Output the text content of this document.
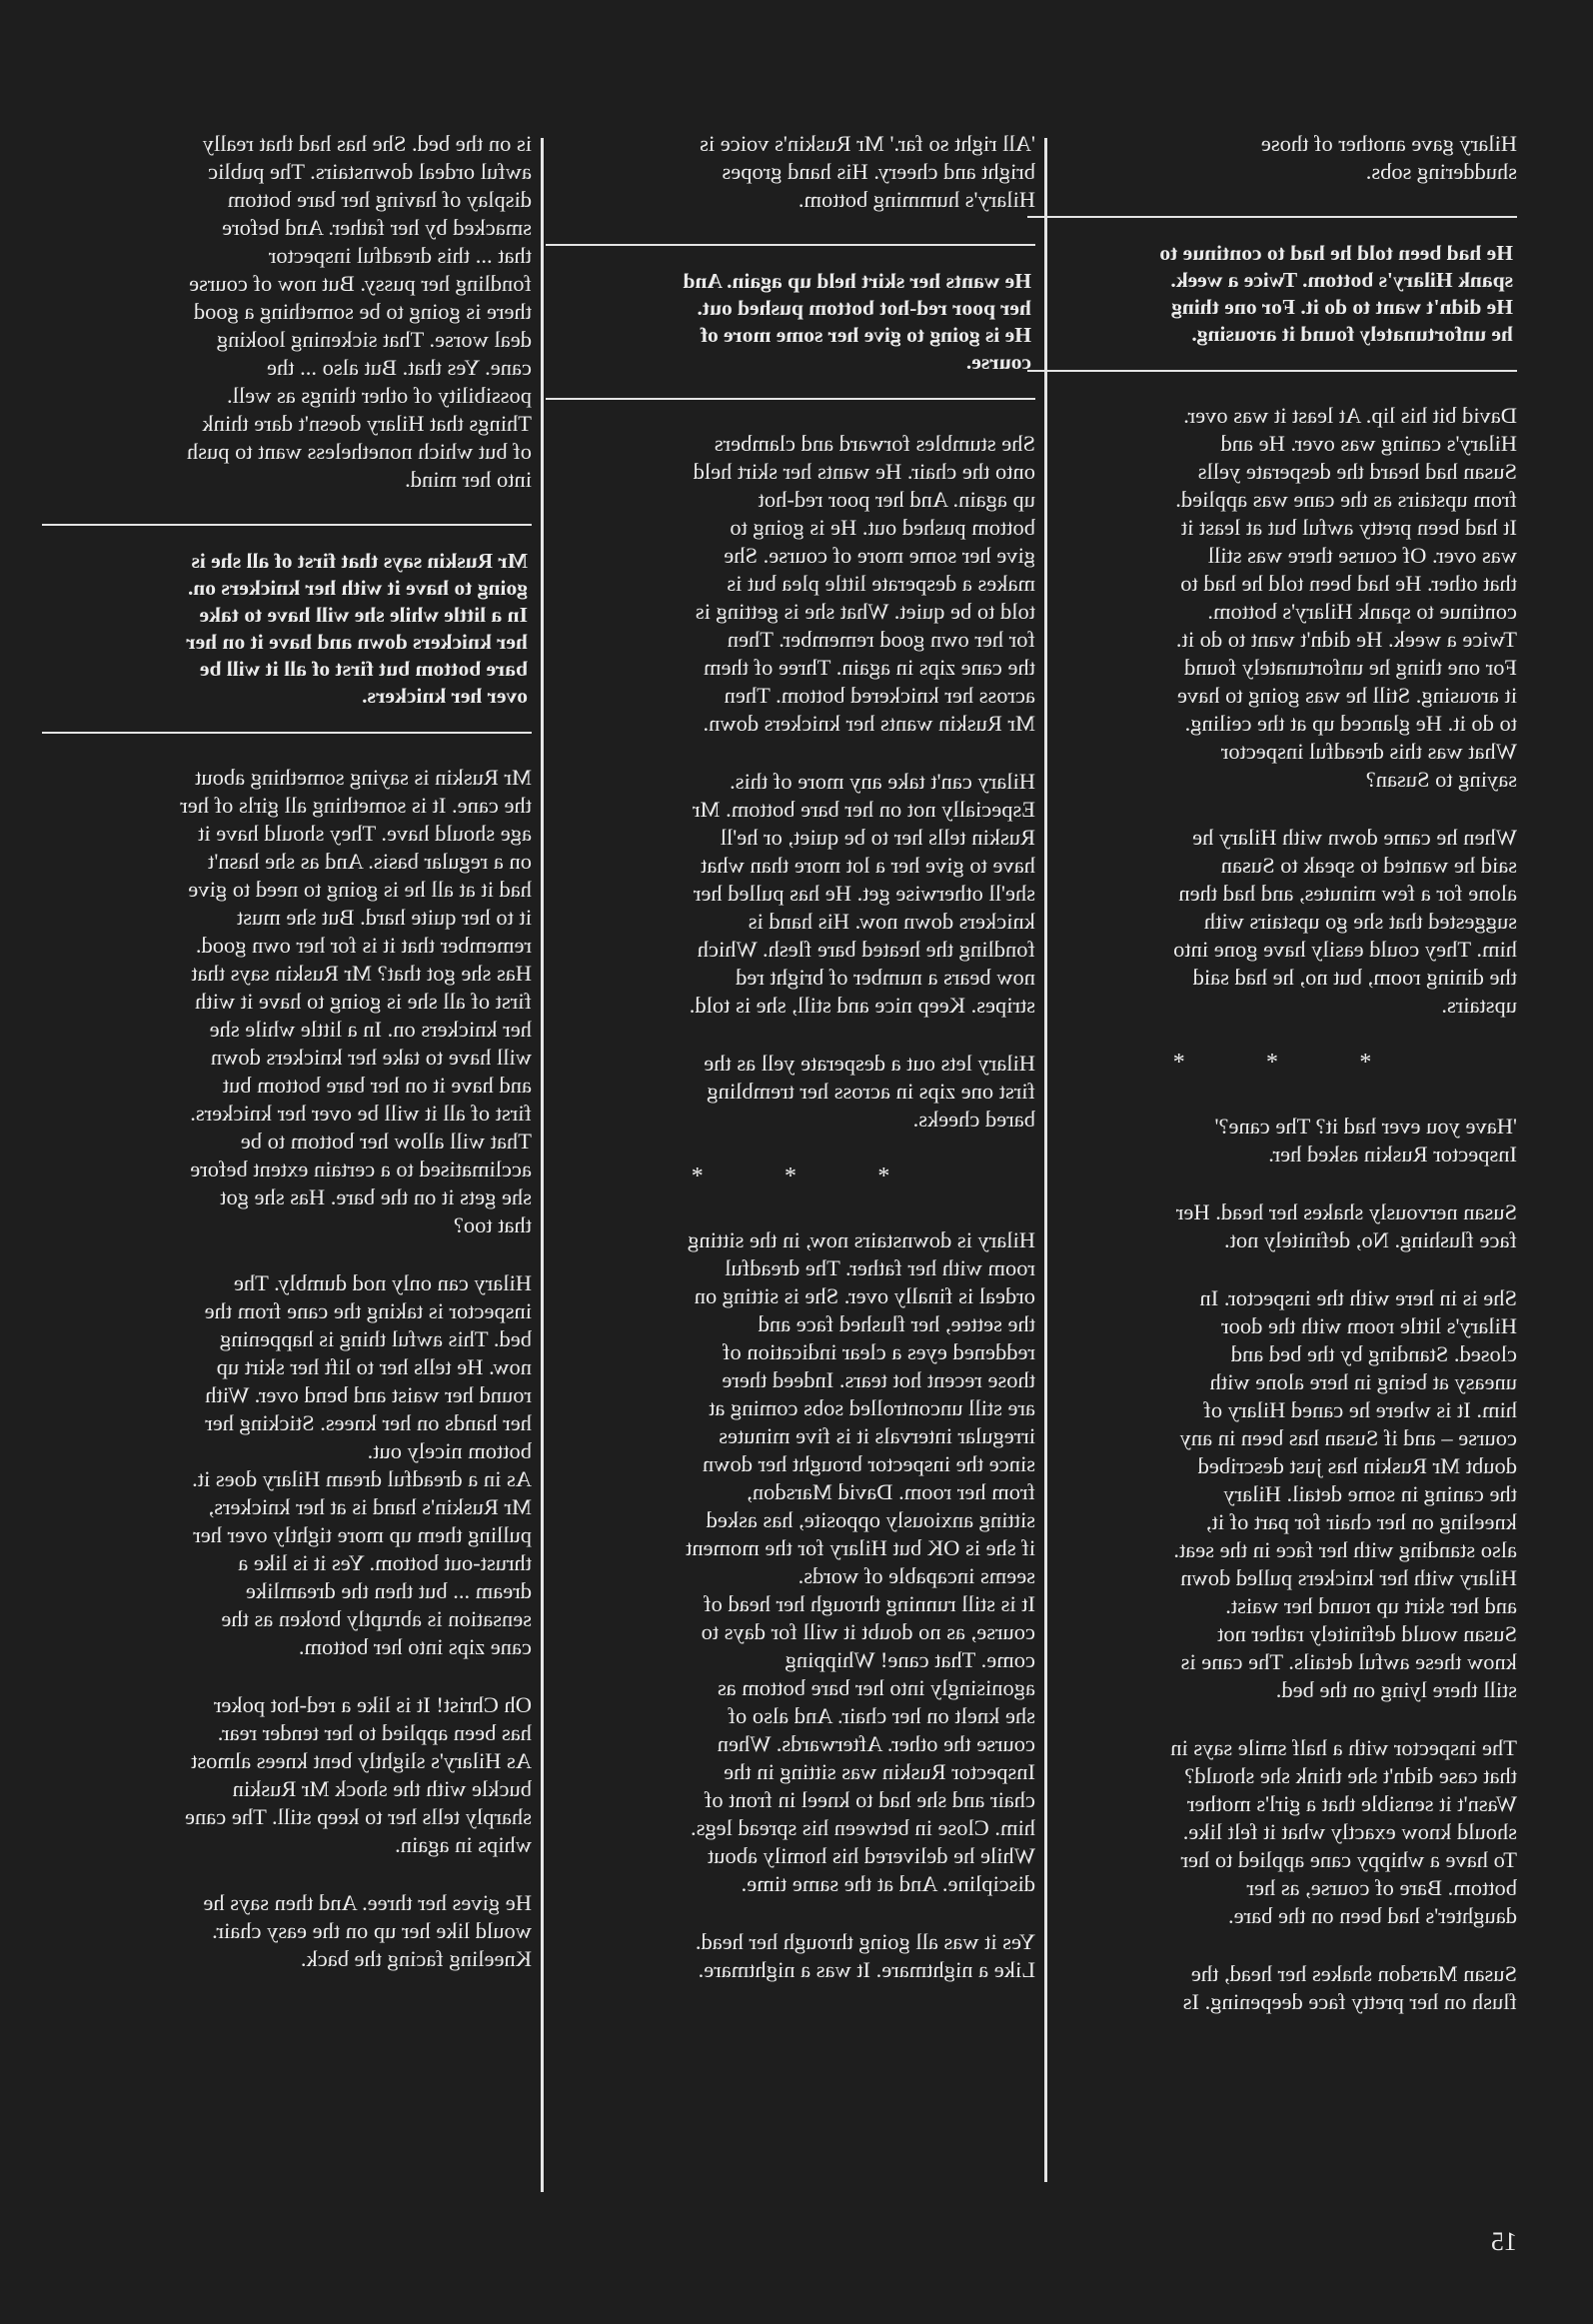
Hilary gave another of those
shuddering sobs.

He had been told he had to continue to
spank Hilary's bottom. Twice a week.
He didn't want to do it. For one thing
he unfortunately found it arousing.

David bit his lip. At least it was over.
Hilary's caning was over. He and
Susan had heard the desperate yells
from upstairs as the cane was applied.
It had been pretty awful but at least it
was over. Of course there was still
that other. He had been told he had to
continue to spank Hilary's bottom.
Twice a week. He didn't want to do it.
For one thing he unfortunately found
it arousing. Still he was going to have
to do it. He glanced up at the ceiling.
What was this dreadful inspector
saying to Susan?

When he came down with Hilary he
said he wanted to speak to Susan
alone for a few minutes, and had then
suggested that she go upstairs with
him. They could easily have gone into
the dining room, but no, he had said
upstairs.

*
*
*

'Have you ever had it? The cane?'
Inspector Ruskin asked her.

Susan nervously shakes her head. Her
face flushing. No, definitely not.

She is in here with the inspector. In
Hilary's little room with the door
closed. Standing by the bed and
uneasy at being in here alone with
him. It is where he caned Hilary of
course – and if Susan has been in any
doubt Mr Ruskin has just described
the caning in some detail. Hilary
kneeling on her chair for part of it,
also standing with her face in the seat.
Hilary with her knickers pulled down
and her skirt up round her waist.
Susan would definitely rather not
know these awful details. The cane is
still there lying on the bed.

The inspector with a half smile says in
that case didn't she think she should?
Wasn't it sensible that a girl's mother
should know exactly what it felt like.
To have a whippy cane applied to her
bottom. Bare of course, as her
daughter's had been on the bare.

Susan Marsdon shakes her head, the
flush on her pretty face deepening. Is

'All right so far.' Mr Ruskin's voice is
bright and cheery. His hand gropes
Hilary's humming bottom.

He wants her skirt held up again. And
her poor red-hot bottom pushed out.
He is going to give her some more of
course.

She stumbles forward and clambers
onto the chair. He wants her skirt held
up again. And her poor red-hot
bottom pushed out. He is going to
give her some more of course. She
makes a desperate little plea but is
told to be quiet. What she is getting is
for her own good remember. Then
the cane zips in again. Three of them
across her knickered bottom. Then
Mr Ruskin wants her knickers down.

Hilary can't take any more of this.
Especially not on her bare bottom. Mr
Ruskin tells her to be quiet, or he'll
have to give her a lot more than what
she'll otherwise get. He has pulled her
knickers down now. His hand is
fondling the heated bare flesh. Which
now bears a number of bright red
stripes. Keep nice and still, she is told.

Hilary lets out a desperate yell as the
first one zips in across her trembling
bared cheeks.

*
*
*

Hilary is downstairs now, in the sitting
room with her father. The dreadful
ordeal is finally over. She is sitting on
the settee, her flushed face and
reddened eyes a clear indication of
those recent hot tears. Indeed there
are still uncontrolled sobs coming at
irregular intervals it is five minutes
since the inspector brought her down
from her room. David Marsdon,
sitting anxiously opposite, has asked
if she is OK but Hilary for the moment
seems incapable of words.

It is still running through her head of
course, as no doubt it will for days to
come. That cane! Whipping
agonisingly into her bare bottom as
she knelt on her chair. And also of
course the other. Afterwards. When
Inspector Ruskin was sitting in the
chair and she had to kneel in front of
him. Close in between his spread legs.
While he delivered his homily about
discipline. And at the same time.

Yes it was all going through her head.
Like a nightmare. It was a nightmare.

is on the bed. She has had that really
awful ordeal downstairs. The public
display of having her bare bottom
smacked by her father. And before
that ... this dreadful inspector
fondling her pussy. But now of course
there is going to be something a good
deal worse. That sickening looking
cane. Yes that. But also ... the
possibility of other things as well.
Things that Hilary doesn't dare think
of but which nonetheless want to push
into her mind.

Mr Ruskin says that first of all she is
going to have it with her knickers on.
In a little while she will have to take
her knickers down and have it on her
bare bottom but first of all it will be
over her knickers.

Mr Ruskin is saying something about
the cane. It is something all girls of her
age should have. They should have it
on a regular basis. And as she hasn't
had it at all he is going to need to give
it to her quite hard. But she must
remember that it is for her own good.
Has she got that? Mr Ruskin says that
first of all she is going to have it with
her knickers on. In a little while she
will have to take her knickers down
and have it on her bare bottom but
first of all it will be over her knickers.
That will allow her bottom to be
acclimatised to a certain extent before
she gets it on the bare. Has she got
that too?

Hilary can only nod dumbly. The
inspector is taking the cane from the
bed. This awful thing is happening
now. He tells her to lift her skirt up
round her waist and bend over. With
her hands on her knees. Sticking her
bottom nicely out.

As in a dreadful dream Hilary does it.
Mr Ruskin's hand is at her knickers,
pulling them up more tightly over her
thrust-out bottom. Yes it is like a
dream ... but then the dreamlike
sensation is abruptly broken as the
cane zips into her bottom.

Oh Christ! It is like a red-hot poker
has been applied to her tender rear.
As Hilary's slightly bent knees almost
buckle with the shock Mr Ruskin
sharply tells her to keep still. The cane
whips in again.

He gives her three. And then says he
would like her up on the easy chair.
Kneeling facing the back.

15
